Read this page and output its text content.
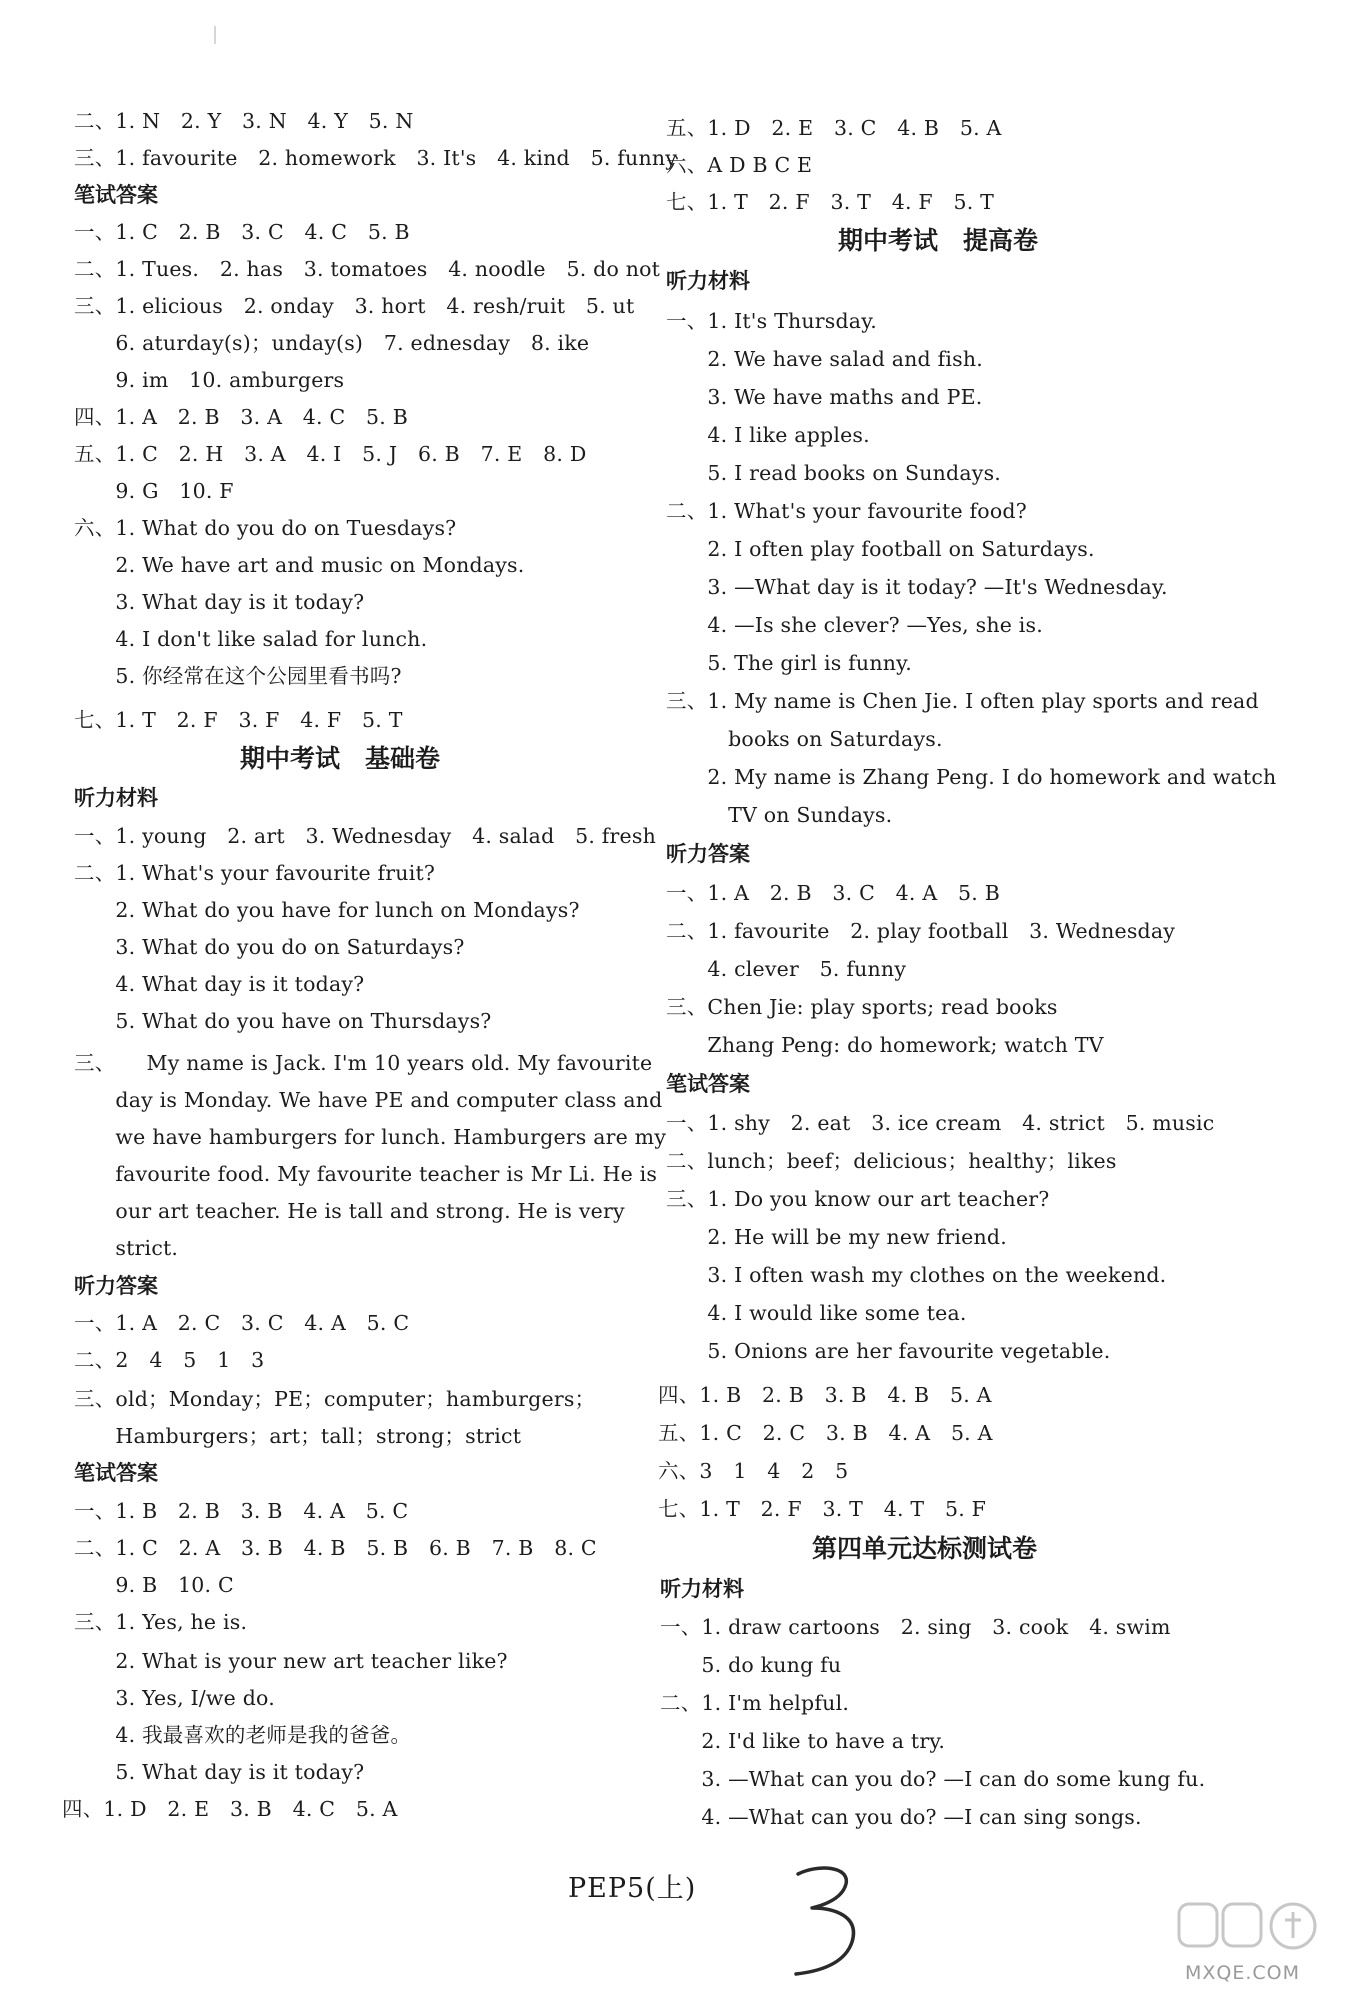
二、1. N　2. Y　3. N　4. Y　5. N
三、1. favourite　2. homework　3. It's　4. kind　5. funny
笔试答案
一、1. C　2. B　3. C　4. C　5. B
二、1. Tues.　2. has　3. tomatoes　4. noodle　5. do not
三、1. elicious　2. onday　3. hort　4. resh/ruit　5. ut
　　6. aturday(s)；unday(s)　7. ednesday　8. ike
　　9. im　10. amburgers
四、1. A　2. B　3. A　4. C　5. B
五、1. C　2. H　3. A　4. I　5. J　6. B　7. E　8. D
　　9. G　10. F
六、1. What do you do on Tuesdays?
　　2. We have art and music on Mondays.
　　3. What day is it today?
　　4. I don't like salad for lunch.
　　5. 你经常在这个公园里看书吗?
七、1. T　2. F　3. F　4. F　5. T
期中考试　基础卷
听力材料
一、1. young　2. art　3. Wednesday　4. salad　5. fresh
二、1. What's your favourite fruit?
　　2. What do you have for lunch on Mondays?
　　3. What do you do on Saturdays?
　　4. What day is it today?
　　5. What do you have on Thursdays?
三、　　My name is Jack. I'm 10 years old. My favourite
　　day is Monday. We have PE and computer class and
　　we have hamburgers for lunch. Hamburgers are my
　　favourite food. My favourite teacher is Mr Li. He is
　　our art teacher. He is tall and strong. He is very
　　strict.
听力答案
一、1. A　2. C　3. C　4. A　5. C
二、2　4　5　1　3
三、old；Monday；PE；computer；hamburgers；
　　Hamburgers；art；tall；strong；strict
笔试答案
一、1. B　2. B　3. B　4. A　5. C
二、1. C　2. A　3. B　4. B　5. B　6. B　7. B　8. C
　　9. B　10. C
三、1. Yes, he is.
　　2. What is your new art teacher like?
　　3. Yes, I/we do.
　　4. 我最喜欢的老师是我的爸爸。
　　5. What day is it today?
四、1. D　2. E　3. B　4. C　5. A
五、1. D　2. E　3. C　4. B　5. A
六、A D B C E
七、1. T　2. F　3. T　4. F　5. T
期中考试　提高卷
听力材料
一、1. It's Thursday.
　　2. We have salad and fish.
　　3. We have maths and PE.
　　4. I like apples.
　　5. I read books on Sundays.
二、1. What's your favourite food?
　　2. I often play football on Saturdays.
　　3. —What day is it today? —It's Wednesday.
　　4. —Is she clever? —Yes, she is.
　　5. The girl is funny.
三、1. My name is Chen Jie. I often play sports and read
　　　books on Saturdays.
　　2. My name is Zhang Peng. I do homework and watch
　　　TV on Sundays.
听力答案
一、1. A　2. B　3. C　4. A　5. B
二、1. favourite　2. play football　3. Wednesday
　　4. clever　5. funny
三、Chen Jie: play sports; read books
　　Zhang Peng: do homework; watch TV
笔试答案
一、1. shy　2. eat　3. ice cream　4. strict　5. music
二、lunch；beef；delicious；healthy；likes
三、1. Do you know our art teacher?
　　2. He will be my new friend.
　　3. I often wash my clothes on the weekend.
　　4. I would like some tea.
　　5. Onions are her favourite vegetable.
四、1. B　2. B　3. B　4. B　5. A
五、1. C　2. C　3. B　4. A　5. A
六、3　1　4　2　5
七、1. T　2. F　3. T　4. T　5. F
第四单元达标测试卷
听力材料
一、1. draw cartoons　2. sing　3. cook　4. swim
　　5. do kung fu
二、1. I'm helpful.
　　2. I'd like to have a try.
　　3. —What can you do? —I can do some kung fu.
　　4. —What can you do? —I can sing songs.
PEP5(上)
MXQE.COM
